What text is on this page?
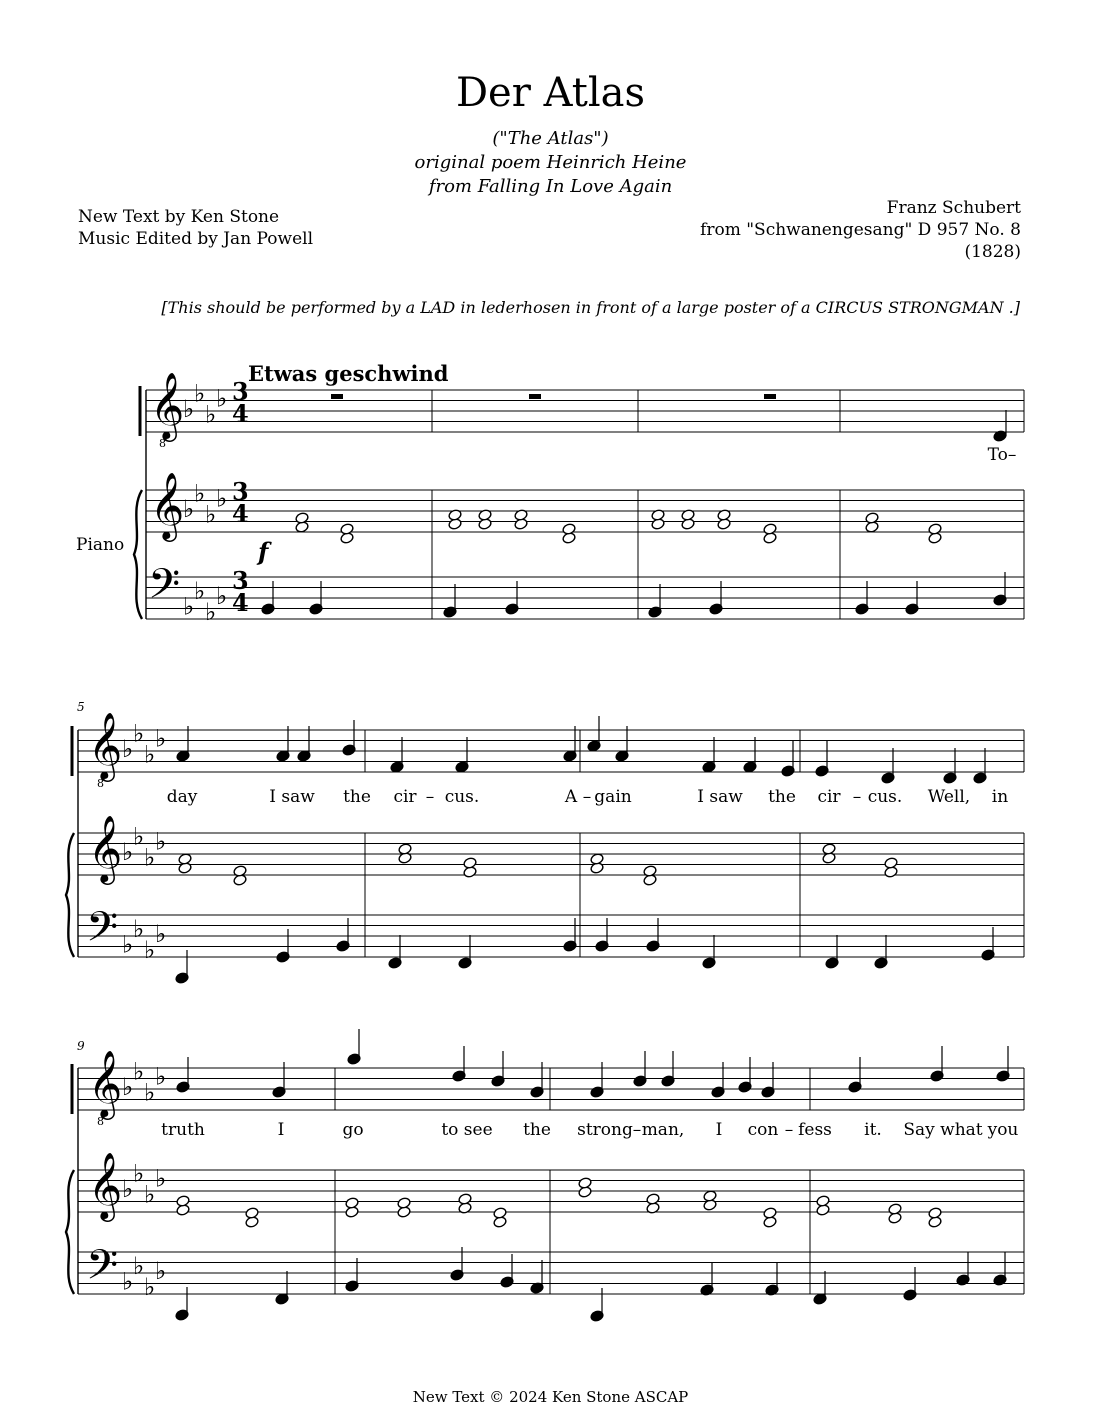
Der Atlas
("The Atlas")
original poem Heinrich Heine
from Falling In Love Again
New Text by Ken Stone
Music Edited by Jan Powell
Franz Schubert
from "Schwanengesang" D 957 No. 8
(1828)
[This should be performed by a LAD in lederhosen in front of a large poster of a CIRCUS STRONGMAN .]
Etwas geschwind
Piano
♭
♭
♭
♭
♭
♭
♭
♭
♭
♭
♭
♭
♭
♭
♭
♭
♭
♭
♭
♭
♭
♭
♭
♭
♭
♭
♭
♭
♭
♭
♭
♭
♭
♭
♭
♭
𝄞
8
𝄞
𝄢
3
4
3
4
3
4
𝄞
8
𝄞
𝄢
𝄞
8
𝄞
𝄢
f
5
9
To–
day	I saw the cir – cus.	A – gain	I saw the cir – cus. Well, in
truth	I	go	to see the strong – man, I con – fess it. Say what you
New Text © 2024 Ken Stone ASCAP
